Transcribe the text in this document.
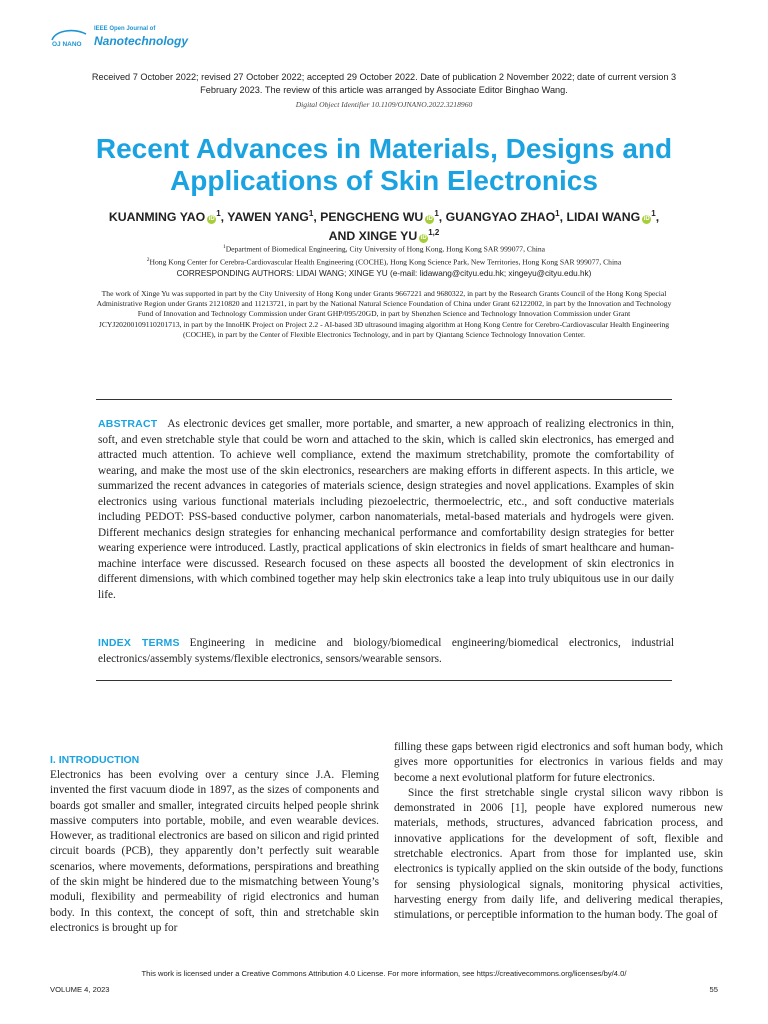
OJ NANO
IEEE Open Journal of
Nanotechnology
Received 7 October 2022; revised 27 October 2022; accepted 29 October 2022. Date of publication 2 November 2022; date of current version 3 February 2023. The review of this article was arranged by Associate Editor Binghao Wang.
Digital Object Identifier 10.1109/OJNANO.2022.3218960
Recent Advances in Materials, Designs and Applications of Skin Electronics
KUANMING YAO $iD^1$, YAWEN YANG$^1$, PENGCHENG WU $iD^1$, GUANGYAO ZHAO$^1$, LIDAI WANG $iD^1$,
AND XINGE YU iD$^{1,2}$
$^1$Department of Biomedical Engineering, City University of Hong Kong, Hong Kong SAR 999077, China
$^2$Hong Kong Center for Cerebra-Cardiovascular Health Engineering (COCHE), Hong Kong Science Park, New Territories, Hong Kong SAR 999077, China
CORRESPONDING AUTHORS: LIDAI WANG; XINGE YU (e-mail: lidawang@cityu.edu.hk; xingeyu@cityu.edu.hk)
The work of Xinge Yu was supported in part by the City University of Hong Kong under Grants 9667221 and 9680322, in part by the Research Grants Council of the Hong Kong Special Administrative Region under Grants 21210820 and 11213721, in part by the National Natural Science Foundation of China under Grant 62122002, in part by the Innovation and Technology Fund of Innovation and Technology Commission under Grant GHP/095/20GD, in part by Shenzhen Science and Technology Innovation Commission under Grant JCYJ20200109110201713, in part by the InnoHK Project on Project 2.2 - AI-based 3D ultrasound imaging algorithm at Hong Kong Centre for Cerebro-Cardiovascular Health Engineering (COCHE), in part by the Center of Flexible Electronics Technology, and in part by Qiantang Science Technology Innovation Center.
ABSTRACT As electronic devices get smaller, more portable, and smarter, a new approach of realizing electronics in thin, soft, and even stretchable style that could be worn and attached to the skin, which is called skin electronics, has emerged and attracted much attention. To achieve well compliance, extend the maximum stretchability, promote the comfortability of wearing, and make the most use of the skin electronics, researchers are making efforts in different aspects. In this article, we summarized the recent advances in categories of materials science, design strategies and novel applications. Examples of skin electronics using various functional materials including piezoelectric, thermoelectric, etc., and soft conductive materials including PEDOT: PSS-based conductive polymer, carbon nanomaterials, metal-based materials and hydrogels were given. Different mechanics design strategies for enhancing mechanical performance and comfortability design strategies for better wearing experience were introduced. Lastly, practical applications of skin electronics in fields of smart healthcare and human-machine interface were discussed. Research focused on these aspects all boosted the development of skin electronics in different dimensions, with which combined together may help skin electronics take a leap into truly ubiquitous use in our daily life.
INDEX TERMS Engineering in medicine and biology/biomedical engineering/biomedical electronics, industrial electronics/assembly systems/flexible electronics, sensors/wearable sensors.
I. INTRODUCTION

Electronics has been evolving over a century since J.A. Fleming invented the first vacuum diode in 1897, as the sizes of components and boards got smaller and smaller, integrated circuits helped people shrink massive computers into portable, mobile, and even wearable devices. However, as traditional electronics are based on silicon and rigid printed circuit boards (PCB), they apparently don’t perfectly suit wearable scenarios, where movements, deformations, perspirations and breathing of the skin might be hindered due to the mismatching between Young’s moduli, flexibility and permeability of rigid electronics and human body. In this context, the concept of soft, thin and stretchable skin electronics is brought up for

filling these gaps between rigid electronics and soft human body, which gives more opportunities for electronics in various fields and may become a next evolutional platform for future electronics.

Since the first stretchable single crystal silicon wavy ribbon is demonstrated in 2006 [1], people have explored numerous new materials, methods, structures, advanced fabrication process, and innovative applications for the development of soft, flexible and stretchable electronics. Apart from those for implanted use, skin electronics is typically applied on the skin outside of the body, functions for sensing physiological signals, monitoring physical activities, harvesting energy from daily life, and delivering medical therapies, stimulations, or perceptible information to the human body. The goal of

This work is licensed under a Creative Commons Attribution 4.0 License. For more information, see https://creativecommons.org/licenses/by/4.0/
VOLUME 4, 2023	55
